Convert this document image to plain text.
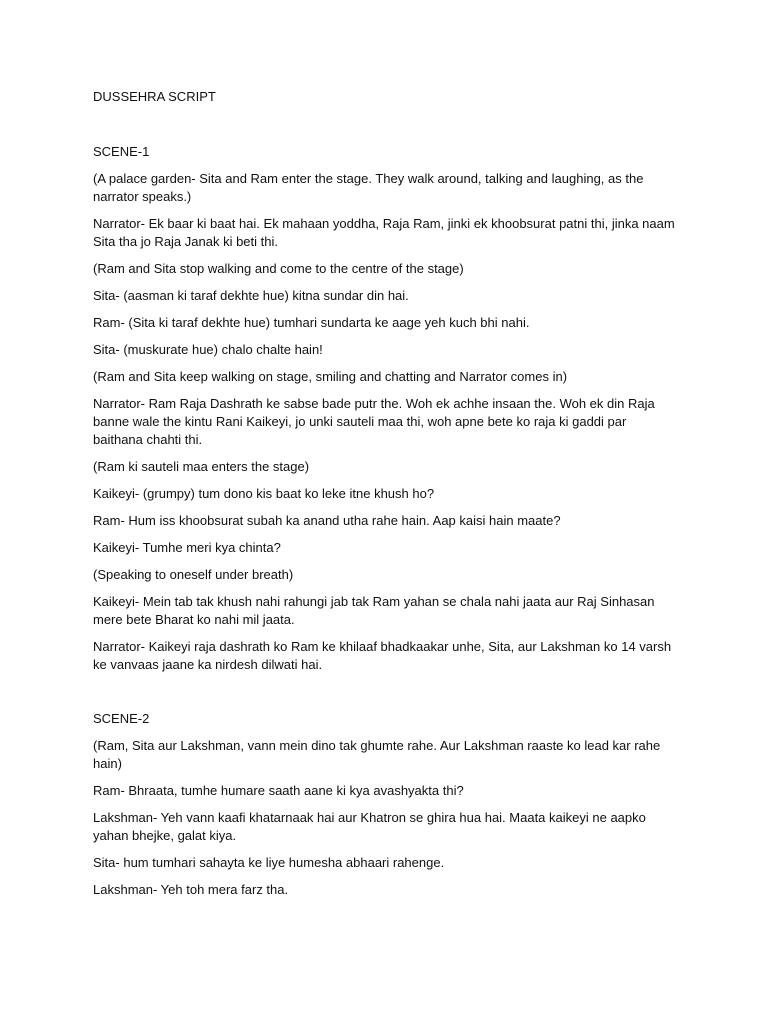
DUSSEHRA SCRIPT

SCENE-1

(A palace garden- Sita and Ram enter the stage. They walk around, talking and laughing, as the narrator speaks.)

Narrator- Ek baar ki baat hai. Ek mahaan yoddha, Raja Ram, jinki ek khoobsurat patni thi, jinka naam Sita tha jo Raja Janak ki beti thi.

(Ram and Sita stop walking and come to the centre of the stage)

Sita- (aasman ki taraf dekhte hue) kitna sundar din hai.

Ram- (Sita ki taraf dekhte hue) tumhari sundarta ke aage yeh kuch bhi nahi.

Sita- (muskurate hue) chalo chalte hain!

(Ram and Sita keep walking on stage, smiling and chatting and Narrator comes in)

Narrator- Ram Raja Dashrath ke sabse bade putr the. Woh ek achhe insaan the. Woh ek din Raja banne wale the kintu Rani Kaikeyi, jo unki sauteli maa thi, woh apne bete ko raja ki gaddi par baithana chahti thi.

(Ram ki sauteli maa enters the stage)

Kaikeyi- (grumpy) tum dono kis baat ko leke itne khush ho?

Ram- Hum iss khoobsurat subah ka anand utha rahe hain. Aap kaisi hain maate?

Kaikeyi- Tumhe meri kya chinta?

(Speaking to oneself under breath)

Kaikeyi- Mein tab tak khush nahi rahungi jab tak Ram yahan se chala nahi jaata aur Raj Sinhasan mere bete Bharat ko nahi mil jaata.

Narrator- Kaikeyi raja dashrath ko Ram ke khilaaf bhadkaakar unhe, Sita, aur Lakshman ko 14 varsh ke vanvaas jaane ka nirdesh dilwati hai.

SCENE-2

(Ram, Sita aur Lakshman, vann mein dino tak ghumte rahe. Aur Lakshman raaste ko lead kar rahe hain)

Ram- Bhraata, tumhe humare saath aane ki kya avashyakta thi?

Lakshman- Yeh vann kaafi khatarnaak hai aur Khatron se ghira hua hai. Maata kaikeyi ne aapko yahan bhejke, galat kiya.

Sita- hum tumhari sahayta ke liye humesha abhaari rahenge.

Lakshman- Yeh toh mera farz tha.
